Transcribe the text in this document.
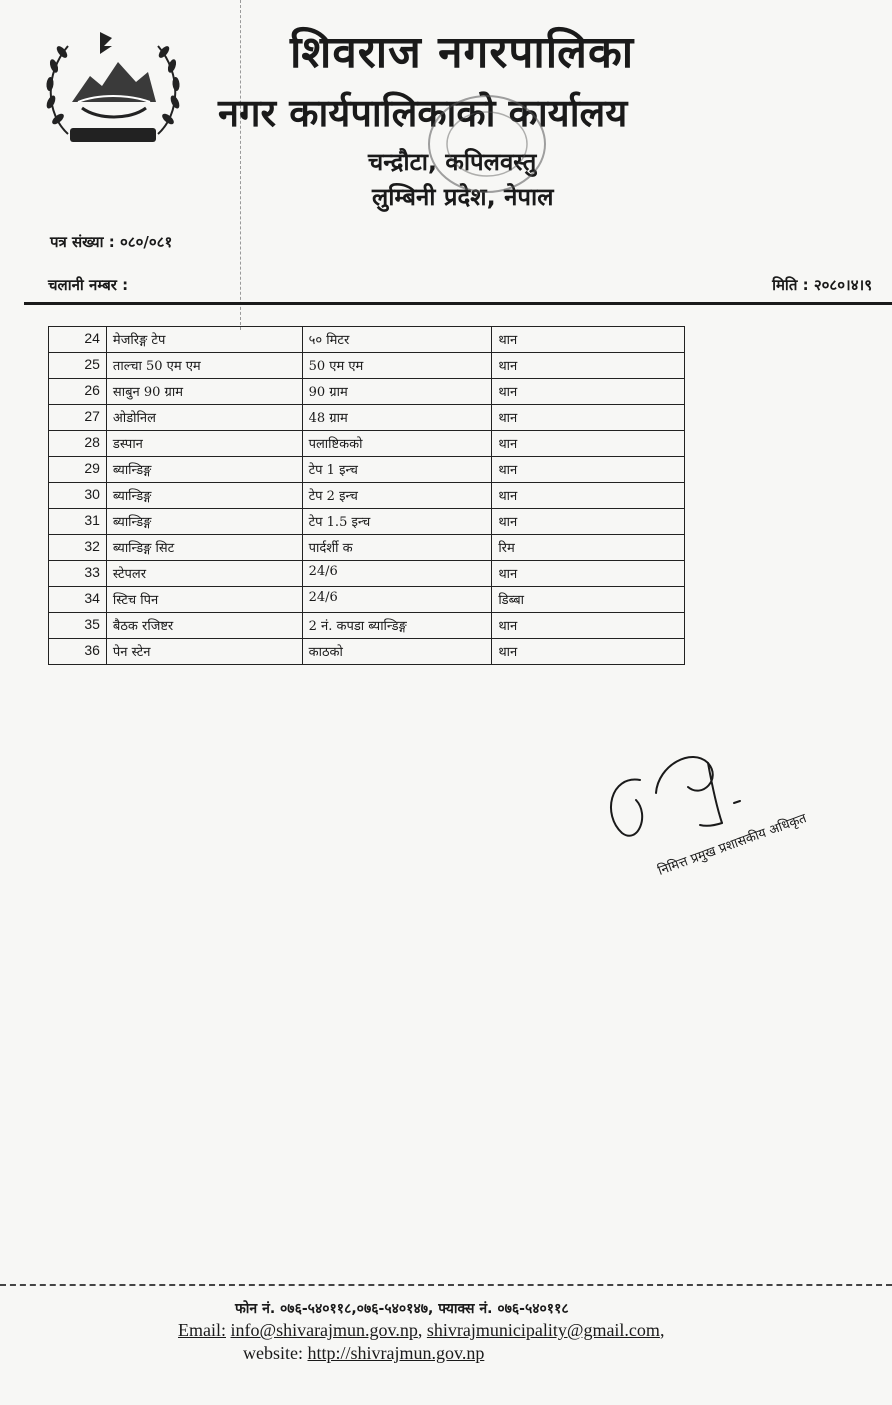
शिवराज नगरपालिका
नगर कार्यपालिकाको कार्यालय
चन्द्रौटा, कपिलवस्तु
लुम्बिनी प्रदेश, नेपाल
पत्र संख्या : ०८०/०८१
चलानी नम्बर :	मिति : २०८०।४।९
24	मेजरिङ्ग टेप	५० मिटर	थान
25	ताल्चा 50 एम एम	50 एम एम	थान
26	साबुन 90 ग्राम	90 ग्राम	थान
27	ओडोनिल	48 ग्राम	थान
28	डस्पान	पलाष्टिकको	थान
29	ब्यान्डिङ्ग	टेप 1 इन्च	थान
30	ब्यान्डिङ्ग	टेप 2 इन्च	थान
31	ब्यान्डिङ्ग	टेप 1.5 इन्च	थान
32	ब्यान्डिङ्ग सिट	पार्दर्शी क	रिम
33	स्टेपलर	24/6	थान
34	स्टिच पिन	24/6	डिब्बा
35	बैठक रजिष्टर	2 नं. कपडा ब्यान्डिङ्ग	थान
36	पेन स्टेन	काठको	थान
निमित्त प्रमुख प्रशासकीय अधिकृत
फोन नं. ०७६-५४०११८,०७६-५४०१४७, फ्याक्स नं. ०७६-५४०११८
Email: info@shivarajmun.gov.np, shivrajmunicipality@gmail.com,
website: http://shivrajmun.gov.np
